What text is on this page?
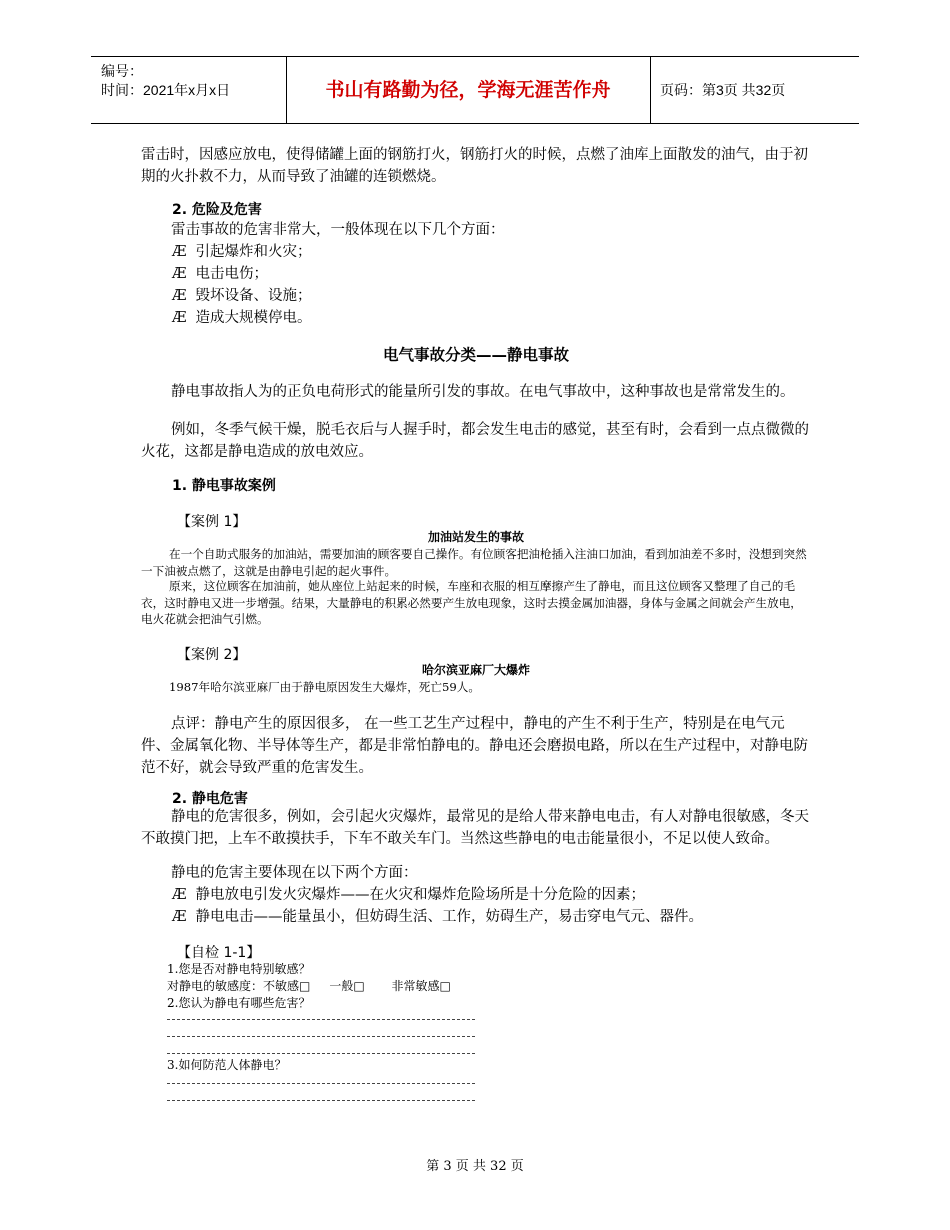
编号：
时间：2021年x月x日	书山有路勤为径，学海无涯苦作舟	页码：第3页 共32页

雷击时，因感应放电，使得储罐上面的钢筋打火，钢筋打火的时候，点燃了油库上面散发的油气，由于初期的火扑救不力，从而导致了油罐的连锁燃烧。

2. 危险及危害

雷击事故的危害非常大，一般体现在以下几个方面：

Æ 引起爆炸和火灾；
Æ 电击电伤；
Æ 毁坏设备、设施；
Æ 造成大规模停电。
电气事故分类——静电事故

静电事故指人为的正负电荷形式的能量所引发的事故。在电气事故中，这种事故也是常常发生的。

例如，冬季气候干燥，脱毛衣后与人握手时，都会发生电击的感觉，甚至有时，会看到一点点微微的火花，这都是静电造成的放电效应。

1. 静电事故案例
【案例 1】
加油站发生的事故

在一个自助式服务的加油站，需要加油的顾客要自己操作。有位顾客把油枪插入注油口加油，看到加油差不多时，没想到突然一下油被点燃了，这就是由静电引起的起火事件。

原来，这位顾客在加油前，她从座位上站起来的时候，车座和衣服的相互摩擦产生了静电，而且这位顾客又整理了自己的毛衣，这时静电又进一步增强。结果，大量静电的积累必然要产生放电现象，这时去摸金属加油器，身体与金属之间就会产生放电，电火花就会把油气引燃。

【案例 2】
哈尔滨亚麻厂大爆炸

1987年哈尔滨亚麻厂由于静电原因发生大爆炸，死亡59人。

点评：静电产生的原因很多， 在一些工艺生产过程中，静电的产生不利于生产，特别是在电气元件、金属氧化物、半导体等生产，都是非常怕静电的。静电还会磨损电路，所以在生产过程中，对静电防范不好，就会导致严重的危害发生。

2. 静电危害

静电的危害很多，例如，会引起火灾爆炸，最常见的是给人带来静电电击，有人对静电很敏感，冬天不敢摸门把，上车不敢摸扶手，下车不敢关车门。当然这些静电的电击能量很小，不足以使人致命。

静电的危害主要体现在以下两个方面：

Æ 静电放电引发火灾爆炸——在火灾和爆炸危险场所是十分危险的因素；
Æ 静电电击——能量虽小，但妨碍生活、工作，妨碍生产，易击穿电气元、器件。
【自检 1-1】
1.您是否对静电特别敏感？
对静电的敏感度：不敏感□     一般□       非常敏感□
2.您认为静电有哪些危害？
3.如何防范人体静电？
第 3 页 共 32 页
